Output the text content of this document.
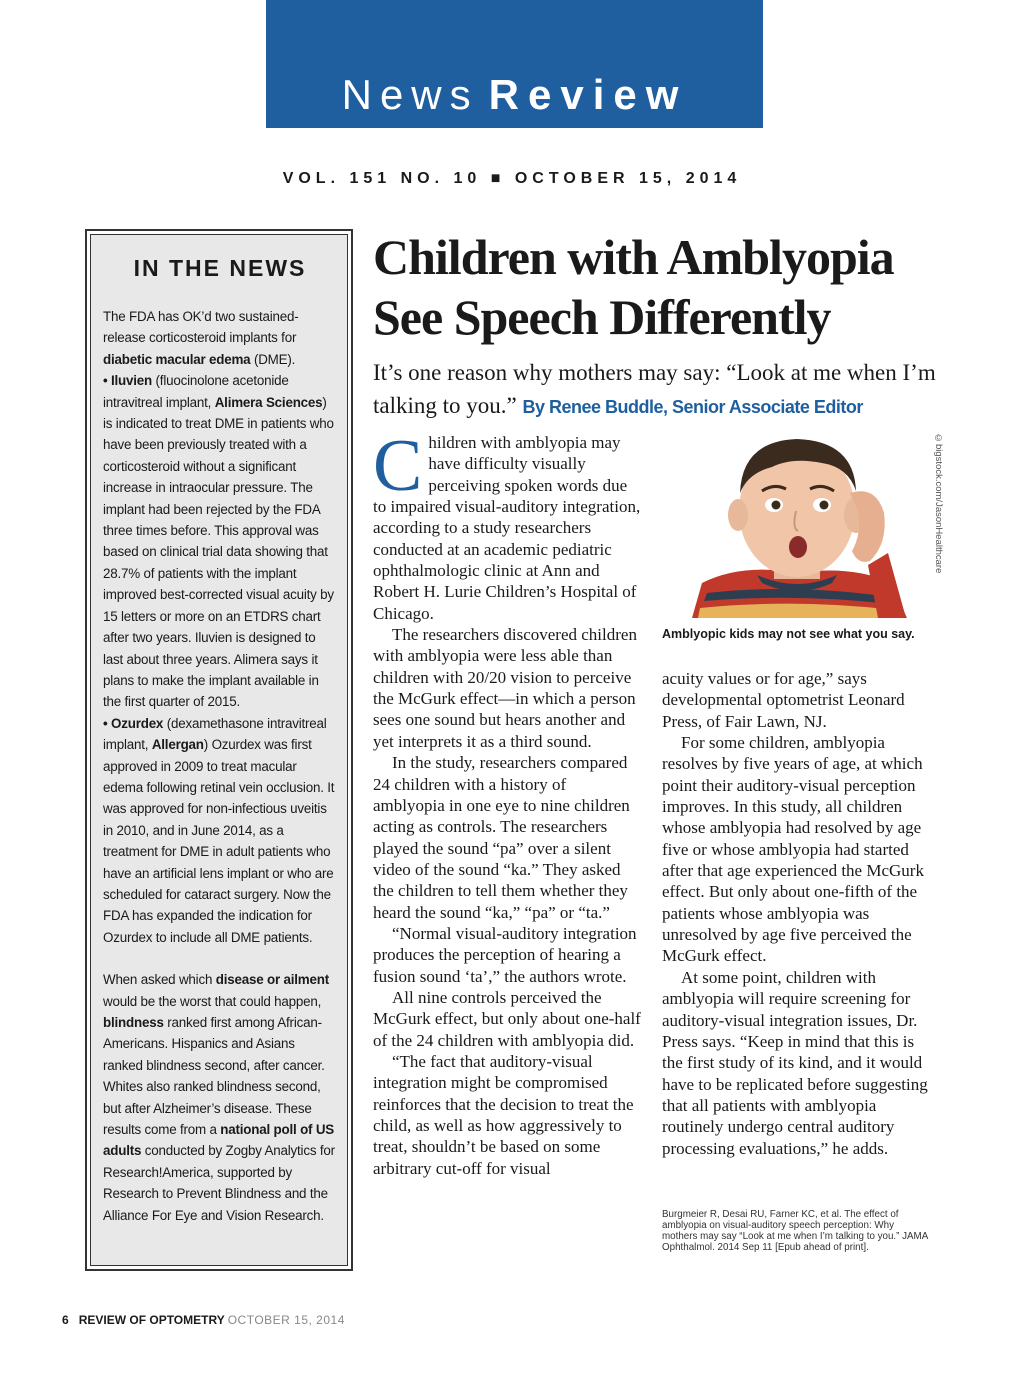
News Review
VOL. 151 NO. 10 ■ OCTOBER 15, 2014
IN THE NEWS

The FDA has OK’d two sustained-release corticosteroid implants for diabetic macular edema (DME).
• Iluvien (fluocinolone acetonide intravitreal implant, Alimera Sciences) is indicated to treat DME in patients who have been previously treated with a corticosteroid without a significant increase in intraocular pressure. The implant had been rejected by the FDA three times before. This approval was based on clinical trial data showing that 28.7% of patients with the implant improved best-corrected visual acuity by 15 letters or more on an ETDRS chart after two years. Iluvien is designed to last about three years. Alimera says it plans to make the implant available in the first quarter of 2015.
• Ozurdex (dexamethasone intravitreal implant, Allergan) Ozurdex was first approved in 2009 to treat macular edema following retinal vein occlusion. It was approved for non-infectious uveitis in 2010, and in June 2014, as a treatment for DME in adult patients who have an artificial lens implant or who are scheduled for cataract surgery. Now the FDA has expanded the indication for Ozurdex to include all DME patients.

When asked which disease or ailment would be the worst that could happen, blindness ranked first among African-Americans. Hispanics and Asians ranked blindness second, after cancer. Whites also ranked blindness second, but after Alzheimer’s disease. These results come from a national poll of US adults conducted by Zogby Analytics for Research!America, supported by Research to Prevent Blindness and the Alliance For Eye and Vision Research.

Children with Amblyopia See Speech Differently
It’s one reason why mothers may say: “Look at me when I’m talking to you.” By Renee Buddle, Senior Associate Editor

Children with amblyopia may have difficulty visually perceiving spoken words due to impaired visual-auditory integration, according to a study researchers conducted at an academic pediatric ophthalmologic clinic at Ann and Robert H. Lurie Children’s Hospital of Chicago.

The researchers discovered children with amblyopia were less able than children with 20/20 vision to perceive the McGurk effect—in which a person sees one sound but hears another and yet interprets it as a third sound.

In the study, researchers compared 24 children with a history of amblyopia in one eye to nine children acting as controls. The researchers played the sound “pa” over a silent video of the sound “ka.” They asked the children to tell them whether they heard the sound “ka,” “pa” or “ta.”

“Normal visual-auditory integration produces the perception of hearing a fusion sound ‘ta’,” the authors wrote.

All nine controls perceived the McGurk effect, but only about one-half of the 24 children with amblyopia did.

“The fact that auditory-visual integration might be compromised reinforces that the decision to treat the child, as well as how aggressively to treat, shouldn’t be based on some arbitrary cut-off for visual

©bigstock.com/JasonHealthcare
Amblyopic kids may not see what you say.

acuity values or for age,” says developmental optometrist Leonard Press, of Fair Lawn, NJ.

For some children, amblyopia resolves by five years of age, at which point their auditory-visual perception improves. In this study, all children whose amblyopia had resolved by age five or whose amblyopia had started after that age experienced the McGurk effect. But only about one-fifth of the patients whose amblyopia was unresolved by age five perceived the McGurk effect.

At some point, children with amblyopia will require screening for auditory-visual integration issues, Dr. Press says. “Keep in mind that this is the first study of its kind, and it would have to be replicated before suggesting that all patients with amblyopia routinely undergo central auditory processing evaluations,” he adds.

Burgmeier R, Desai RU, Farner KC, et al. The effect of amblyopia on visual-auditory speech perception: Why mothers may say “Look at me when I’m talking to you.” JAMA Ophthalmol. 2014 Sep 11 [Epub ahead of print].
6 REVIEW OF OPTOMETRY OCTOBER 15, 2014
